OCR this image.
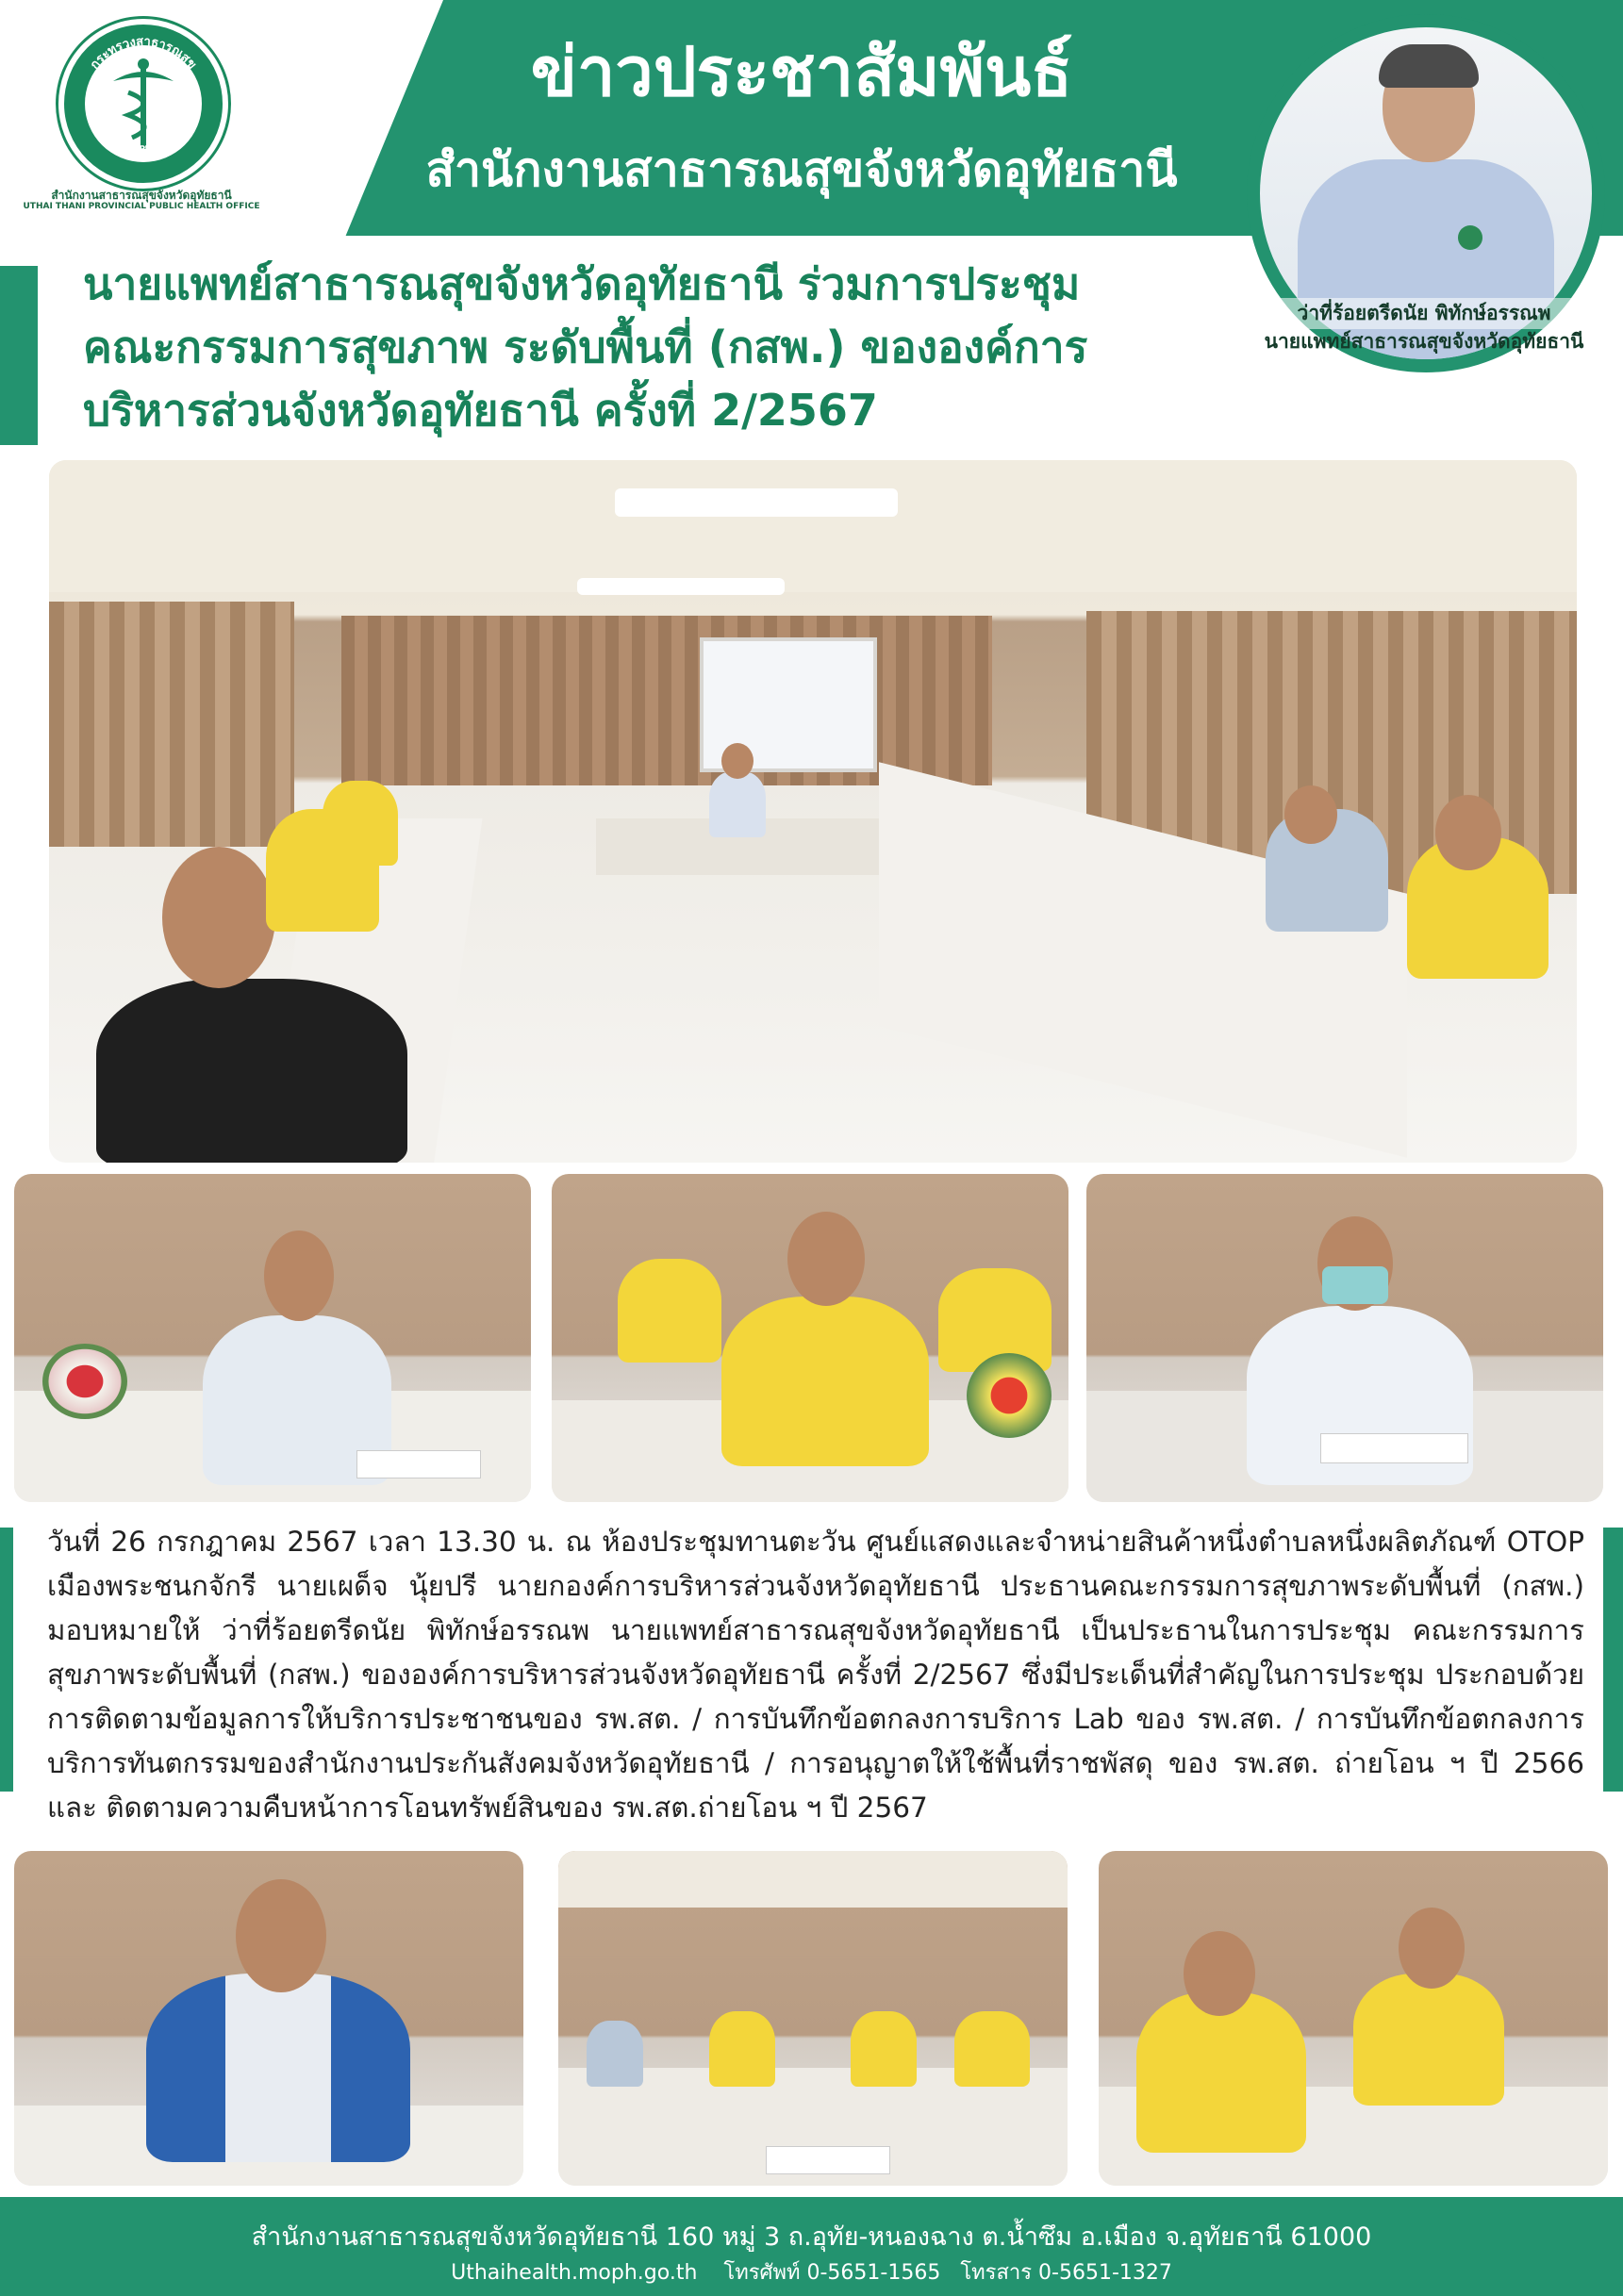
กระทรวงสาธารณสุข
MINISTRY OF PUBLIC HEALTH
สำนักงานสาธารณสุขจังหวัดอุทัยธานี
UTHAI THANI PROVINCIAL PUBLIC HEALTH OFFICE
ข่าวประชาสัมพันธ์
สำนักงานสาธารณสุขจังหวัดอุทัยธานี
ว่าที่ร้อยตรีดนัย พิทักษ์อรรณพ
นายแพทย์สาธารณสุขจังหวัดอุทัยธานี
นายแพทย์สาธารณสุขจังหวัดอุทัยธานี ร่วมการประชุม
คณะกรรมการสุขภาพ ระดับพื้นที่ (กสพ.) ขององค์การ
บริหารส่วนจังหวัดอุทัยธานี ครั้งที่ 2/2567
วันที่ 26 กรกฎาคม 2567 เวลา 13.30 น. ณ ห้องประชุมทานตะวัน ศูนย์แสดงและจำหน่ายสินค้าหนึ่งตำบลหนึ่งผลิตภัณฑ์ OTOP เมืองพระชนกจักรี นายเผด็จ นุ้ยปรี นายกองค์การบริหารส่วนจังหวัดอุทัยธานี ประธานคณะกรรมการสุขภาพระดับพื้นที่ (กสพ.) มอบหมายให้ ว่าที่ร้อยตรีดนัย พิทักษ์อรรณพ นายแพทย์สาธารณสุขจังหวัดอุทัยธานี เป็นประธานในการประชุม คณะกรรมการสุขภาพระดับพื้นที่ (กสพ.) ขององค์การบริหารส่วนจังหวัดอุทัยธานี ครั้งที่ 2/2567 ซึ่งมีประเด็นที่สำคัญในการประชุม ประกอบด้วย การติดตามข้อมูลการให้บริการประชาชนของ รพ.สต. / การบันทึกข้อตกลงการบริการ Lab ของ รพ.สต. / การบันทึกข้อตกลงการบริการทันตกรรมของสำนักงานประกันสังคมจังหวัดอุทัยธานี / การอนุญาตให้ใช้พื้นที่ราชพัสดุ ของ รพ.สต. ถ่ายโอน ฯ ปี 2566 และ ติดตามความคืบหน้าการโอนทรัพย์สินของ รพ.สต.ถ่ายโอน ฯ ปี 2567
สำนักงานสาธารณสุขจังหวัดอุทัยธานี 160 หมู่ 3 ถ.อุทัย-หนองฉาง ต.น้ำซึม อ.เมือง จ.อุทัยธานี 61000
Uthaihealth.moph.go.th โทรศัพท์ 0-5651-1565 โทรสาร 0-5651-1327
